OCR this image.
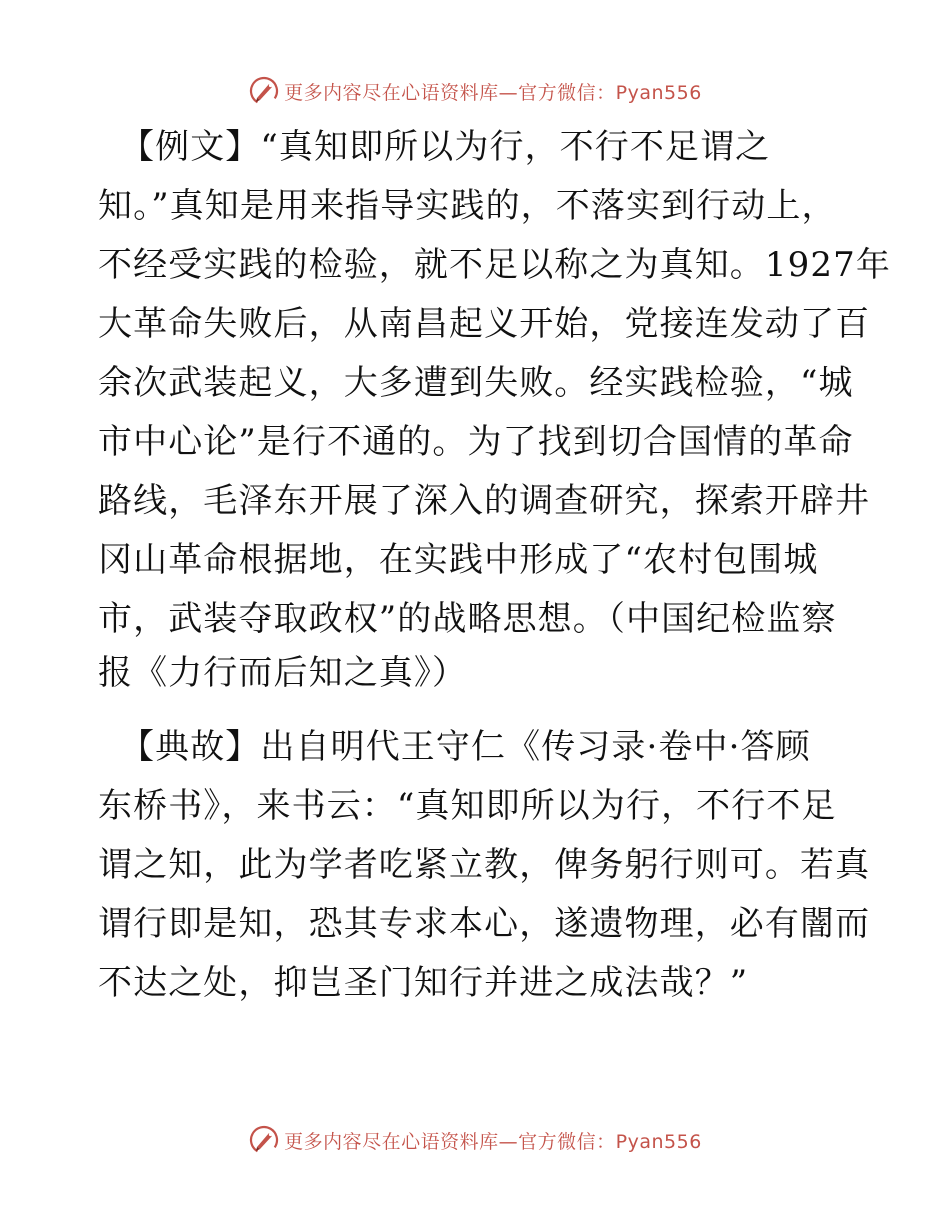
更多内容尽在心语资料库—官方微信：Pyan556
【例文】“真知即所以为行，不行不足谓之
知。”真知是用来指导实践的，不落实到行动上，
不经受实践的检验，就不足以称之为真知。1927年
大革命失败后，从南昌起义开始，党接连发动了百
余次武装起义，大多遭到失败。经实践检验，“城
市中心论”是行不通的。为了找到切合国情的革命
路线，毛泽东开展了深入的调查研究，探索开辟井
冈山革命根据地，在实践中形成了“农村包围城
市，武装夺取政权”的战略思想。（中国纪检监察
报《力行而后知之真》）
【典故】出自明代王守仁《传习录·卷中·答顾
东桥书》，来书云：“真知即所以为行，不行不足
谓之知，此为学者吃紧立教，俾务躬行则可。若真
谓行即是知，恐其专求本心，遂遗物理，必有闇而
不达之处，抑岂圣门知行并进之成法哉？”
更多内容尽在心语资料库—官方微信：Pyan556
